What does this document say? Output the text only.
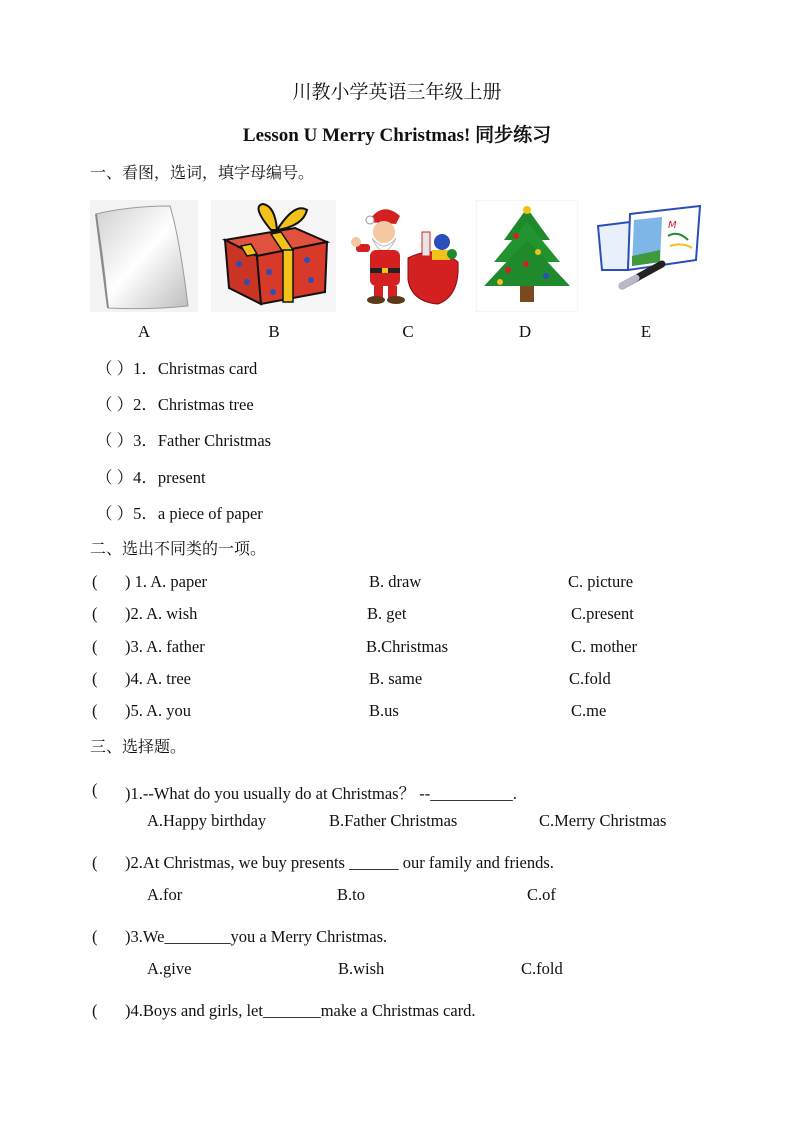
川教小学英语三年级上册
Lesson U Merry Christmas! 同步练习
一、看图，选词，填字母编号。
M
A	B	C	D	E
（ ）1．Christmas card
（ ）2．Christmas tree
（ ）3．Father Christmas
（ ）4．present
（ ）5．a piece of paper
二、选出不同类的一项。
( ) 1. A. paper	B. draw	C. picture
( )2. A. wish	B. get	C.present
( )3. A. father	B.Christmas	C. mother
( )4. A. tree	B. same	C.fold
( )5. A. you	B.us	C.me
三、选择题。
( )1.--What do you usually do at Christmas？ --__________.
A.Happy birthday	B.Father Christmas	C.Merry Christmas
( )2.At Christmas, we buy presents ______ our family and friends.
A.for	B.to	C.of
( )3.We________you a Merry Christmas.
A.give	B.wish	C.fold
( )4.Boys and girls, let_______make a Christmas card.
